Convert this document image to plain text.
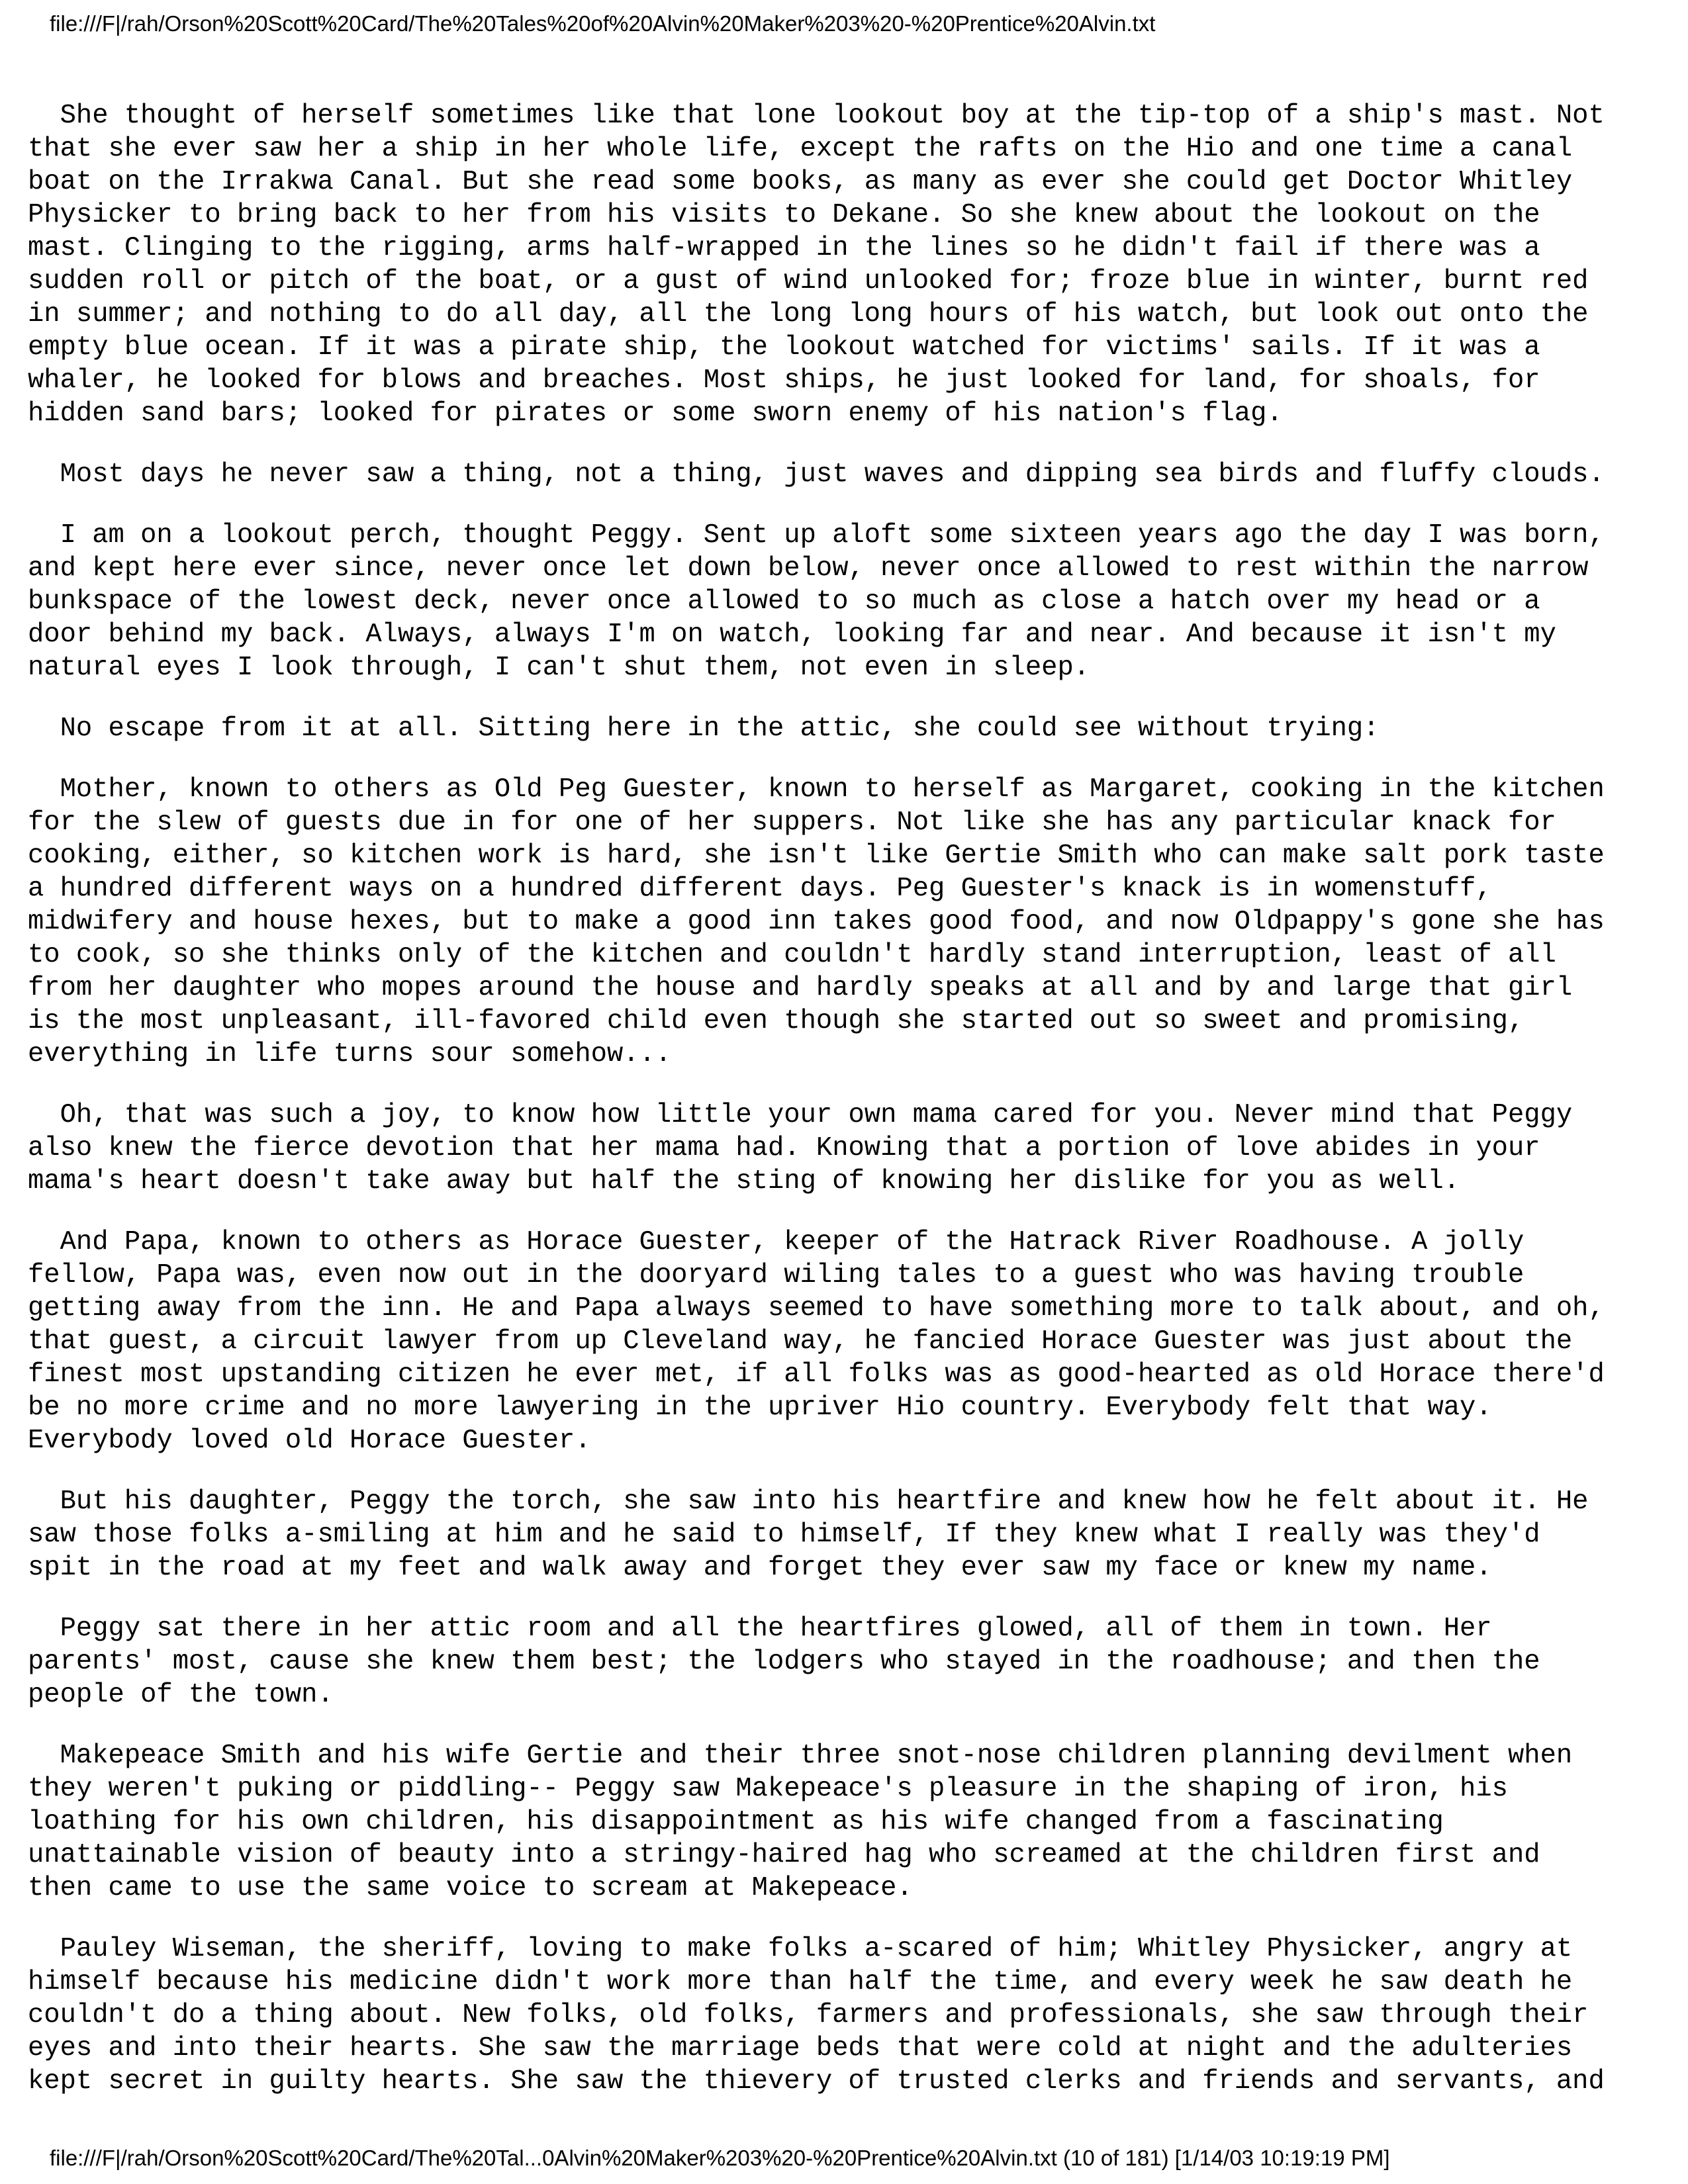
file:///F|/rah/Orson%20Scott%20Card/The%20Tales%20of%20Alvin%20Maker%203%20-%20Prentice%20Alvin.txt

She thought of herself sometimes like that lone lookout boy at the tip-top of a ship's mast. Not
that she ever saw her a ship in her whole life, except the rafts on the Hio and one time a canal
boat on the Irrakwa Canal. But she read some books, as many as ever she could get Doctor Whitley
Physicker to bring back to her from his visits to Dekane. So she knew about the lookout on the
mast. Clinging to the rigging, arms half-wrapped in the lines so he didn't fail if there was a
sudden roll or pitch of the boat, or a gust of wind unlooked for; froze blue in winter, burnt red
in summer; and nothing to do all day, all the long long hours of his watch, but look out onto the
empty blue ocean. If it was a pirate ship, the lookout watched for victims' sails. If it was a
whaler, he looked for blows and breaches. Most ships, he just looked for land, for shoals, for
hidden sand bars; looked for pirates or some sworn enemy of his nation's flag.

Most days he never saw a thing, not a thing, just waves and dipping sea birds and fluffy clouds.

I am on a lookout perch, thought Peggy. Sent up aloft some sixteen years ago the day I was born,
and kept here ever since, never once let down below, never once allowed to rest within the narrow
bunkspace of the lowest deck, never once allowed to so much as close a hatch over my head or a
door behind my back. Always, always I'm on watch, looking far and near. And because it isn't my
natural eyes I look through, I can't shut them, not even in sleep.

No escape from it at all. Sitting here in the attic, she could see without trying:

Mother, known to others as Old Peg Guester, known to herself as Margaret, cooking in the kitchen
for the slew of guests due in for one of her suppers. Not like she has any particular knack for
cooking, either, so kitchen work is hard, she isn't like Gertie Smith who can make salt pork taste
a hundred different ways on a hundred different days. Peg Guester's knack is in womenstuff,
midwifery and house hexes, but to make a good inn takes good food, and now Oldpappy's gone she has
to cook, so she thinks only of the kitchen and couldn't hardly stand interruption, least of all
from her daughter who mopes around the house and hardly speaks at all and by and large that girl
is the most unpleasant, ill-favored child even though she started out so sweet and promising,
everything in life turns sour somehow...

Oh, that was such a joy, to know how little your own mama cared for you. Never mind that Peggy
also knew the fierce devotion that her mama had. Knowing that a portion of love abides in your
mama's heart doesn't take away but half the sting of knowing her dislike for you as well.

And Papa, known to others as Horace Guester, keeper of the Hatrack River Roadhouse. A jolly
fellow, Papa was, even now out in the dooryard wiling tales to a guest who was having trouble
getting away from the inn. He and Papa always seemed to have something more to talk about, and oh,
that guest, a circuit lawyer from up Cleveland way, he fancied Horace Guester was just about the
finest most upstanding citizen he ever met, if all folks was as good-hearted as old Horace there'd
be no more crime and no more lawyering in the upriver Hio country. Everybody felt that way.
Everybody loved old Horace Guester.

But his daughter, Peggy the torch, she saw into his heartfire and knew how he felt about it. He
saw those folks a-smiling at him and he said to himself, If they knew what I really was they'd
spit in the road at my feet and walk away and forget they ever saw my face or knew my name.

Peggy sat there in her attic room and all the heartfires glowed, all of them in town. Her
parents' most, cause she knew them best; the lodgers who stayed in the roadhouse; and then the
people of the town.

Makepeace Smith and his wife Gertie and their three snot-nose children planning devilment when
they weren't puking or piddling-- Peggy saw Makepeace's pleasure in the shaping of iron, his
loathing for his own children, his disappointment as his wife changed from a fascinating
unattainable vision of beauty into a stringy-haired hag who screamed at the children first and
then came to use the same voice to scream at Makepeace.

Pauley Wiseman, the sheriff, loving to make folks a-scared of him; Whitley Physicker, angry at
himself because his medicine didn't work more than half the time, and every week he saw death he
couldn't do a thing about. New folks, old folks, farmers and professionals, she saw through their
eyes and into their hearts. She saw the marriage beds that were cold at night and the adulteries
kept secret in guilty hearts. She saw the thievery of trusted clerks and friends and servants, and

file:///F|/rah/Orson%20Scott%20Card/The%20Tal...0Alvin%20Maker%203%20-%20Prentice%20Alvin.txt (10 of 181) [1/14/03 10:19:19 PM]
